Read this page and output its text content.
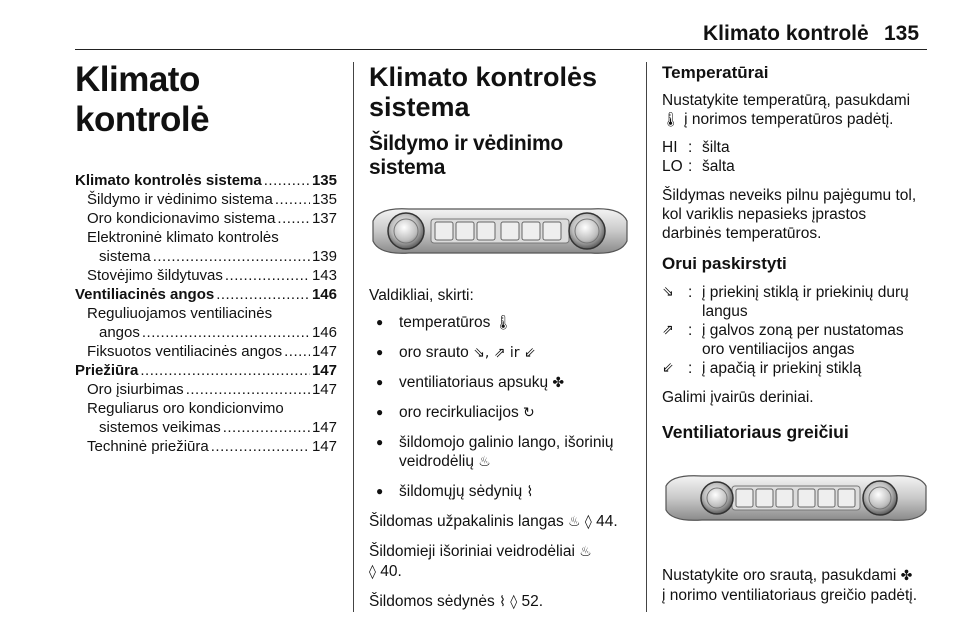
Klimato kontrolė 135
Klimato kontrolė
Klimato kontrolės sistema .....	135
Šildymo ir vėdinimo sistema .....	135
Oro kondicionavimo sistema ..... 137
Elektroninė klimato kontrolės
sistema .....	139
Stovėjimo šildytuvas .....	143
Ventiliacinės angos .....	146
Reguliuojamos ventiliacinės
angos .....	146
Fiksuotos ventiliacinės angos ..... 147
Priežiūra .....	147
Oro įsiurbimas .....	147
Reguliarus oro kondicionvimo
sistemos veikimas .....	147
Techninė priežiūra .....	147
Klimato kontrolės
sistema
Šildymo ir vėdinimo sistema

Valdikliai, skirti:

● temperatūros 🌡
● oro srauto ⇘, ⇗ ir ⇙
● ventiliatoriaus apsukų ✤
● oro recirkuliacijos ↻
● šildomojo galinio lango, išorinių
veidrodėlių ♨
● šildomųjų sėdynių ⌇

Šildomas užpakalinis langas ♨ ◊ 44.

Šildomieji išoriniai veidrodėliai ♨
◊ 40.

Šildomos sėdynės ⌇ ◊ 52.

Temperatūrai

Nustatykite temperatūrą, pasukdami
🌡 į norimos temperatūros padėtį.

HI : šilta
LO : šalta

Šildymas neveiks pilnu pajėgumu tol,
kol variklis nepasieks įprastos
darbinės temperatūros.

Orui paskirstyti
⇘ : į priekinį stiklą ir priekinių durų
langus
⇗ : į galvos zoną per nustatomas
oro ventiliacijos angas
⇙ : į apačią ir priekinį stiklą

Galimi įvairūs deriniai.

Ventiliatoriaus greičiui

Nustatykite oro srautą, pasukdami ✤
į norimo ventiliatoriaus greičio padėtį.
